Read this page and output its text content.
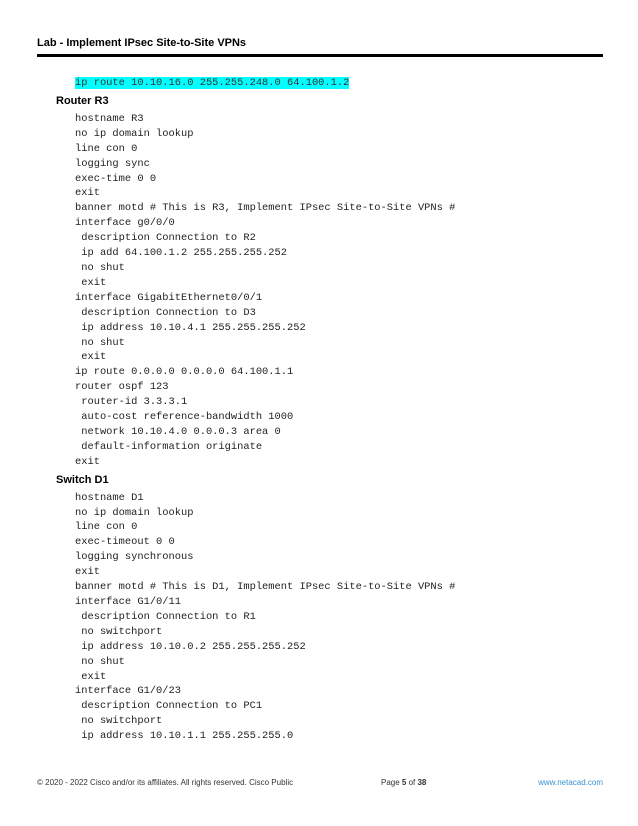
Lab - Implement IPsec Site-to-Site VPNs
ip route 10.10.16.0 255.255.248.0 64.100.1.2
Router R3
hostname R3
no ip domain lookup
line con 0
logging sync
exec-time 0 0
exit
banner motd # This is R3, Implement IPsec Site-to-Site VPNs #
interface g0/0/0
description Connection to R2
ip add 64.100.1.2 255.255.255.252
no shut
exit
interface GigabitEthernet0/0/1
description Connection to D3
ip address 10.10.4.1 255.255.255.252
no shut
exit
ip route 0.0.0.0 0.0.0.0 64.100.1.1
router ospf 123
router-id 3.3.3.1
auto-cost reference-bandwidth 1000
network 10.10.4.0 0.0.0.3 area 0
default-information originate
exit
Switch D1
hostname D1
no ip domain lookup
line con 0
exec-timeout 0 0
logging synchronous
exit
banner motd # This is D1, Implement IPsec Site-to-Site VPNs #
interface G1/0/11
description Connection to R1
no switchport
ip address 10.10.0.2 255.255.255.252
no shut
exit
interface G1/0/23
description Connection to PC1
no switchport
ip address 10.10.1.1 255.255.255.0
© 2020 - 2022 Cisco and/or its affiliates. All rights reserved. Cisco Public	Page 5 of 38	www.netacad.com
